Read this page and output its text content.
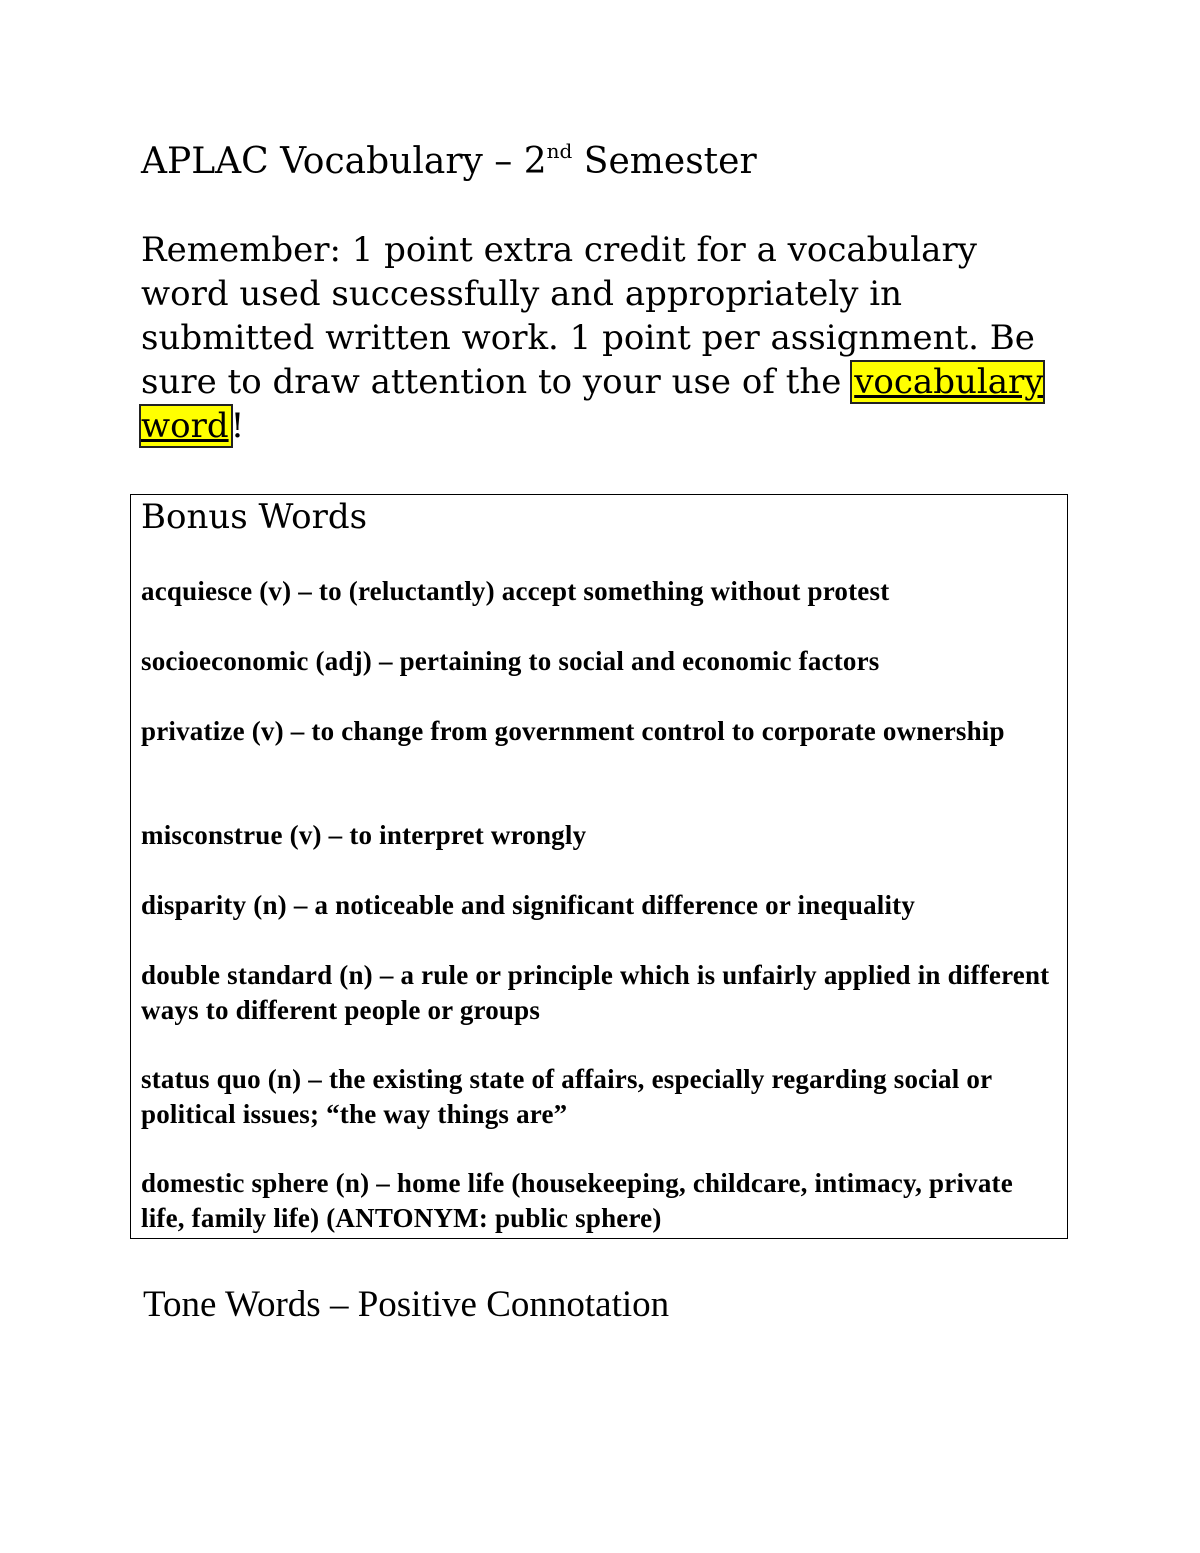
APLAC Vocabulary – 2nd Semester
Remember: 1 point extra credit for a vocabulary word used successfully and appropriately in submitted written work. 1 point per assignment. Be sure to draw attention to your use of the vocabulary word!
Bonus Words
acquiesce (v) – to (reluctantly) accept something without protest
socioeconomic (adj) – pertaining to social and economic factors
privatize (v) – to change from government control to corporate ownership
misconstrue (v) – to interpret wrongly
disparity (n) – a noticeable and significant difference or inequality
double standard (n) – a rule or principle which is unfairly applied in different ways to different people or groups
status quo (n) – the existing state of affairs, especially regarding social or political issues; “the way things are”
domestic sphere (n) – home life (housekeeping, childcare, intimacy, private life, family life) (ANTONYM: public sphere)
Tone Words – Positive Connotation
